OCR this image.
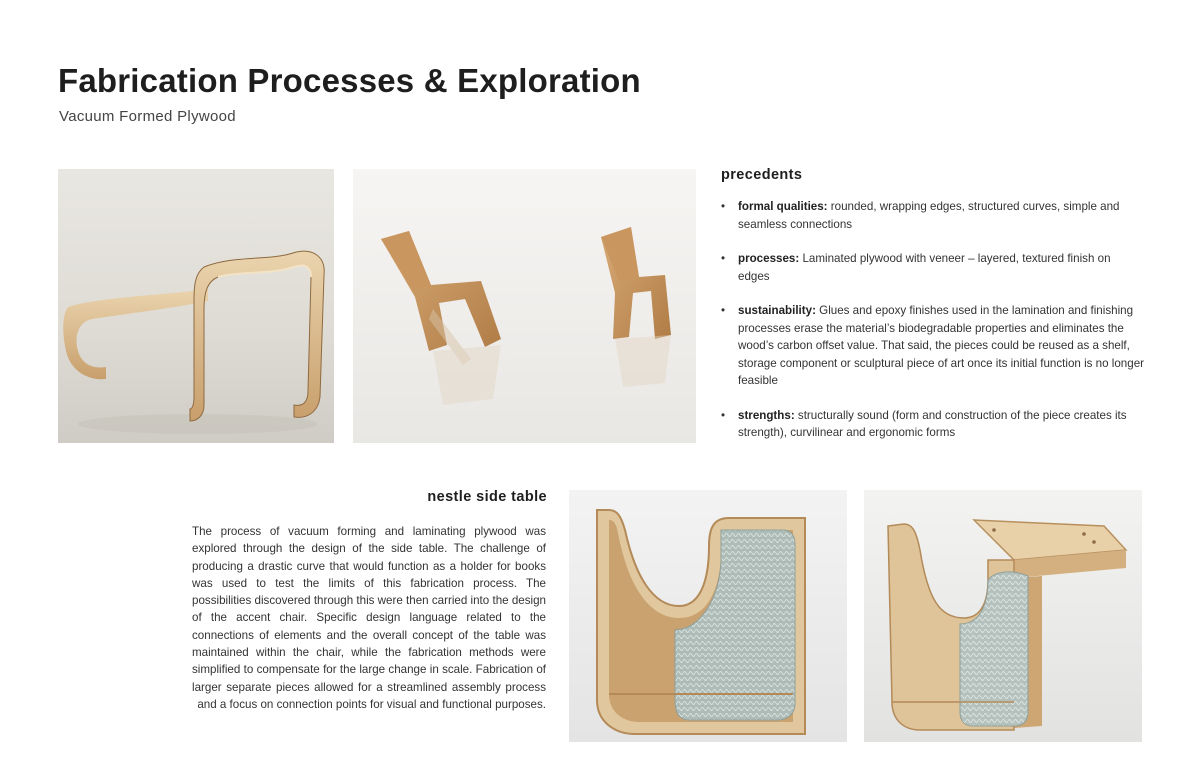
Fabrication Processes & Exploration
Vacuum Formed Plywood
precedents
• formal qualities: rounded, wrapping edges, structured curves, simple and seamless connections
• processes: Laminated plywood with veneer – layered, textured finish on edges
• sustainability: Glues and epoxy finishes used in the lamination and finishing processes erase the material’s biodegradable properties and eliminates the wood’s carbon offset value. That said, the pieces could be reused as a shelf, storage component or sculptural piece of art once its initial function is no longer feasible
• strengths: structurally sound (form and construction of the piece creates its strength), curvilinear and ergonomic forms
nestle side table

The process of vacuum forming and laminating plywood was explored through the design of the side table. The challenge of producing a drastic curve that would function as a holder for books was used to test the limits of this fabrication process. The possibilities discovered through this were then carried into the design of the accent chair. Specific design language related to the connections of elements and the overall concept of the table was maintained within the chair, while the fabrication methods were simplified to compensate for the large change in scale. Fabrication of larger separate pieces allowed for a streamlined assembly process and a focus on connection points for visual and functional purposes.
